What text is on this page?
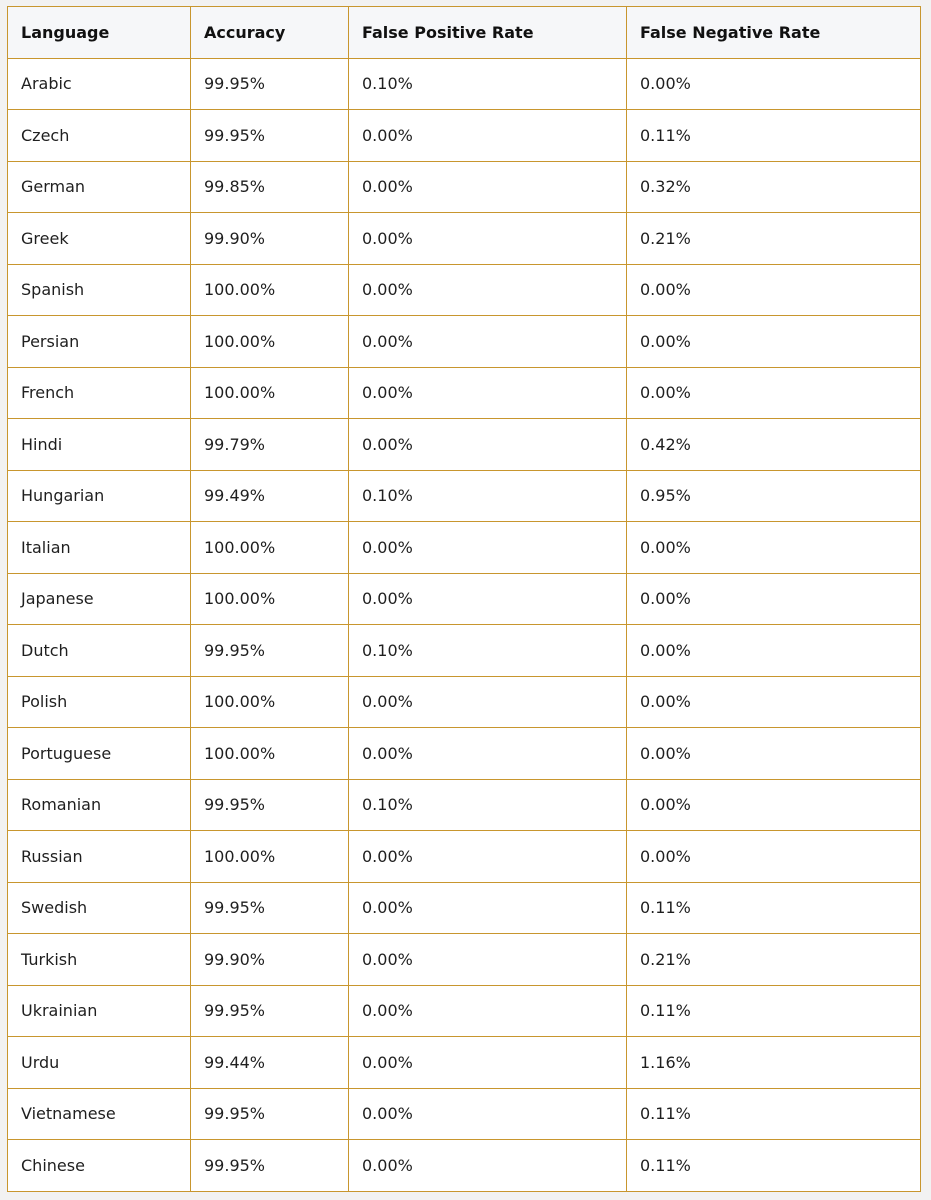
Language	Accuracy	False Positive Rate	False Negative Rate
Arabic	99.95%	0.10%	0.00%
Czech	99.95%	0.00%	0.11%
German	99.85%	0.00%	0.32%
Greek	99.90%	0.00%	0.21%
Spanish	100.00%	0.00%	0.00%
Persian	100.00%	0.00%	0.00%
French	100.00%	0.00%	0.00%
Hindi	99.79%	0.00%	0.42%
Hungarian	99.49%	0.10%	0.95%
Italian	100.00%	0.00%	0.00%
Japanese	100.00%	0.00%	0.00%
Dutch	99.95%	0.10%	0.00%
Polish	100.00%	0.00%	0.00%
Portuguese	100.00%	0.00%	0.00%
Romanian	99.95%	0.10%	0.00%
Russian	100.00%	0.00%	0.00%
Swedish	99.95%	0.00%	0.11%
Turkish	99.90%	0.00%	0.21%
Ukrainian	99.95%	0.00%	0.11%
Urdu	99.44%	0.00%	1.16%
Vietnamese	99.95%	0.00%	0.11%
Chinese	99.95%	0.00%	0.11%
